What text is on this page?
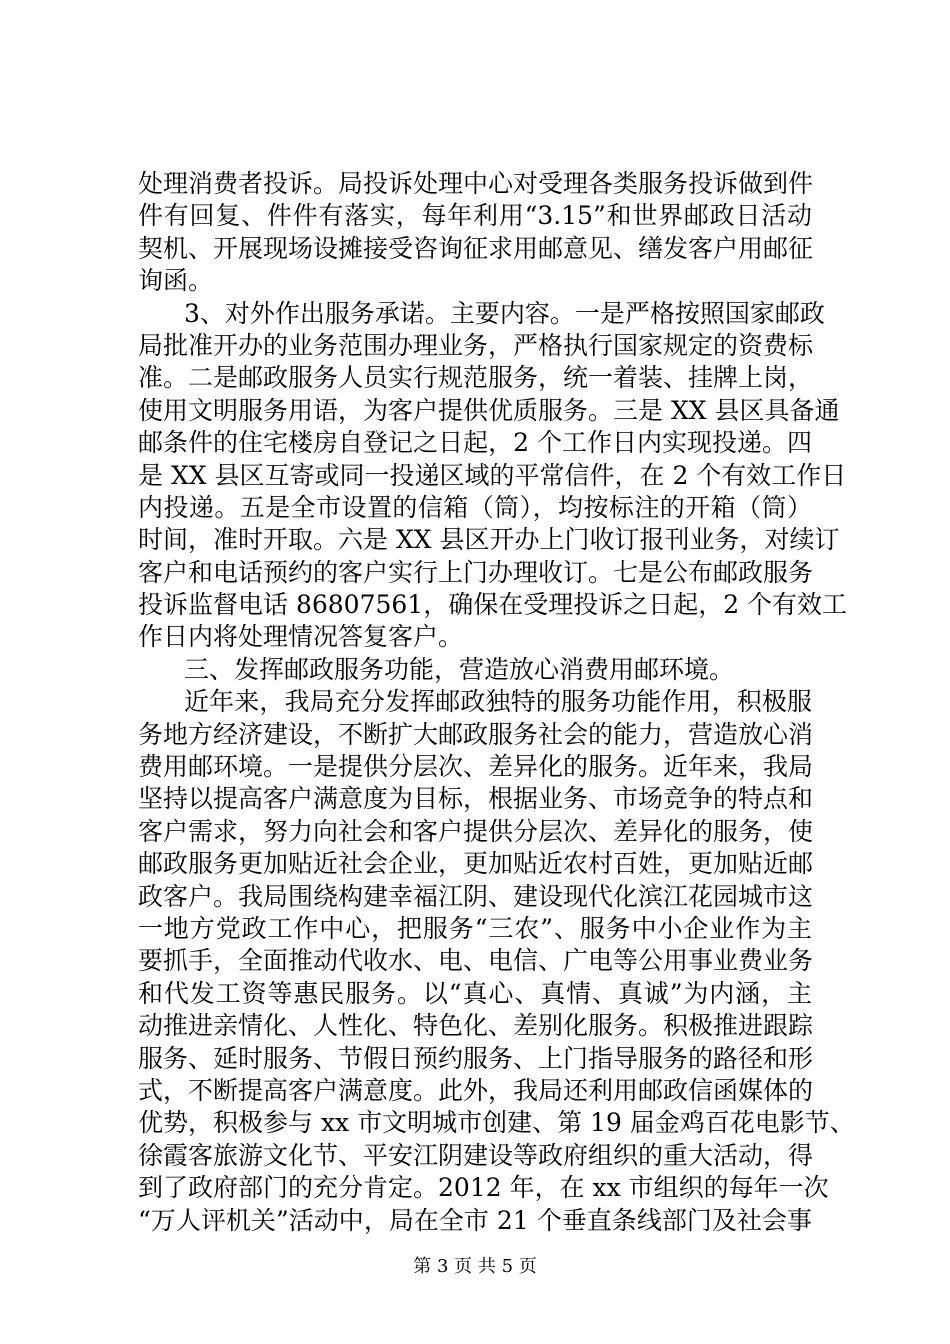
处理消费者投诉。局投诉处理中心对受理各类服务投诉做到件
件有回复、件件有落实，每年利用“3.15”和世界邮政日活动
契机、开展现场设摊接受咨询征求用邮意见、缮发客户用邮征
询函。
3、对外作出服务承诺。主要内容。一是严格按照国家邮政
局批准开办的业务范围办理业务，严格执行国家规定的资费标
准。二是邮政服务人员实行规范服务，统一着装、挂牌上岗，
使用文明服务用语，为客户提供优质服务。三是 XX 县区具备通
邮条件的住宅楼房自登记之日起，2 个工作日内实现投递。四
是 XX 县区互寄或同一投递区域的平常信件，在 2 个有效工作日
内投递。五是全市设置的信箱（筒），均按标注的开箱（筒）
时间，准时开取。六是 XX 县区开办上门收订报刊业务，对续订
客户和电话预约的客户实行上门办理收订。七是公布邮政服务
投诉监督电话 86807561，确保在受理投诉之日起，2 个有效工
作日内将处理情况答复客户。
三、发挥邮政服务功能，营造放心消费用邮环境。
近年来，我局充分发挥邮政独特的服务功能作用，积极服
务地方经济建设，不断扩大邮政服务社会的能力，营造放心消
费用邮环境。一是提供分层次、差异化的服务。近年来，我局
坚持以提高客户满意度为目标，根据业务、市场竞争的特点和
客户需求，努力向社会和客户提供分层次、差异化的服务，使
邮政服务更加贴近社会企业，更加贴近农村百姓，更加贴近邮
政客户。我局围绕构建幸福江阴、建设现代化滨江花园城市这
一地方党政工作中心，把服务“三农”、服务中小企业作为主
要抓手，全面推动代收水、电、电信、广电等公用事业费业务
和代发工资等惠民服务。以“真心、真情、真诚”为内涵，主
动推进亲情化、人性化、特色化、差别化服务。积极推进跟踪
服务、延时服务、节假日预约服务、上门指导服务的路径和形
式，不断提高客户满意度。此外，我局还利用邮政信函媒体的
优势，积极参与 xx 市文明城市创建、第 19 届金鸡百花电影节、
徐霞客旅游文化节、平安江阴建设等政府组织的重大活动，得
到了政府部门的充分肯定。2012 年，在 xx 市组织的每年一次
“万人评机关”活动中，局在全市 21 个垂直条线部门及社会事
第 3 页 共 5 页
